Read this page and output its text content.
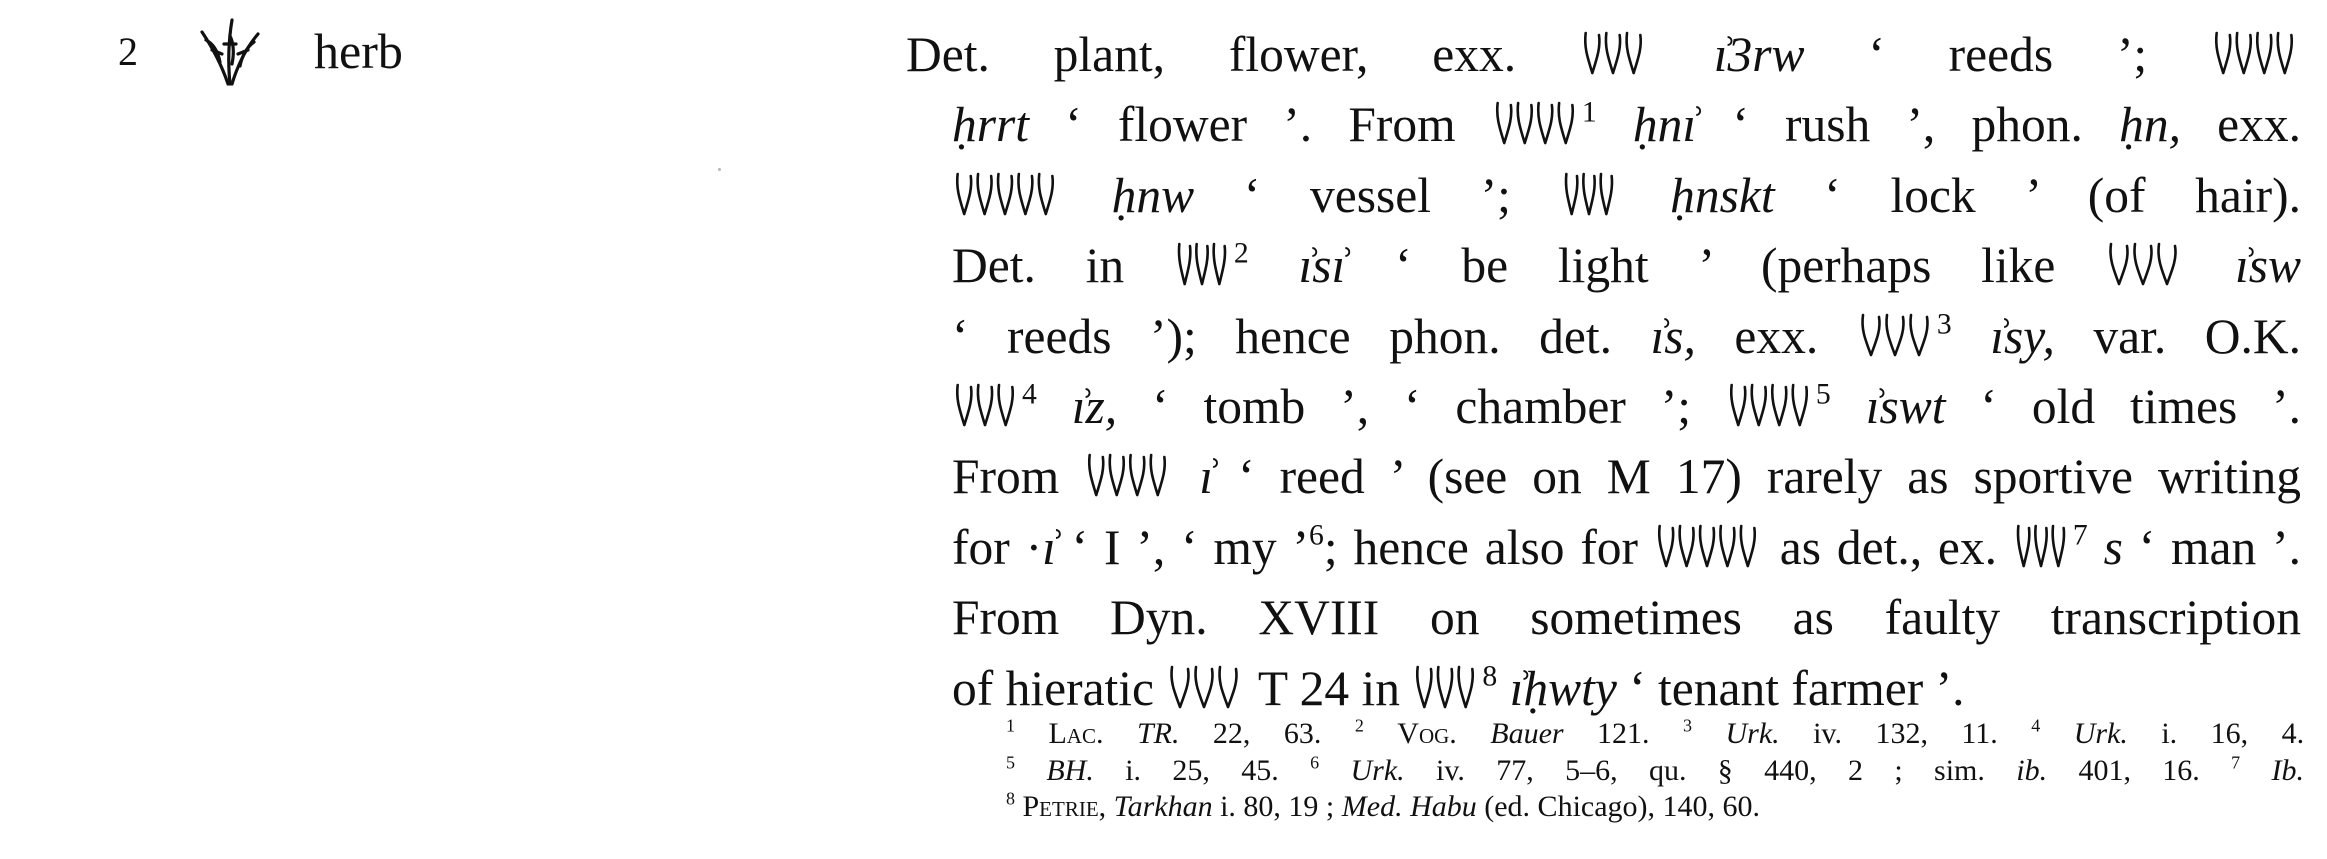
2	herb	Det. plant, flower, exx.	ı͗3rw ‘ reeds ’;
ḥrrt ‘ flower ’. From	$^1$ ḥnı͗ ‘ rush ’, phon. ḥn, exx.
ḥnw ‘ vessel ’;
ḥnskt ‘ lock ’ (of hair).
Det. in
$^2$ ı͗sı͗ ‘ be light ’ (perhaps like	ı͗sw
‘ reeds ’); hence phon. det. ı͗s, exx.	$^3$ ı͗sy, var. O.K.
$^4$ ı͗z, ‘ tomb ’, ‘ chamber ’;	$^5$ ı͗swt ‘ old times ’.
From
ı͗ ‘ reed ’ (see on M 17) rarely as sportive writing
for ·ı͗ ‘ I ’, ‘ my ’$^6$; hence also for
as det., ex.
$^7$ s ‘ man ’.
From Dyn. XVIII on sometimes as faulty transcription
of hieratic
T 24 in
$^8$ ı͗ḥwty ‘ tenant farmer ’.
$^1$ Lac. TR. 22, 63. $^2$ Vog. Bauer 121. $^3$ Urk. iv. 132, 11. $^4$ Urk. i. 16, 4.
$^5$ BH. i. 25, 45. $^6$ Urk. iv. 77, 5–6, qu. § 440, 2 ; sim. ib. 401, 16. $^7$ Ib.
$^8$ Petrie, Tarkhan i. 80, 19 ; Med. Habu (ed. Chicago), 140, 60.
